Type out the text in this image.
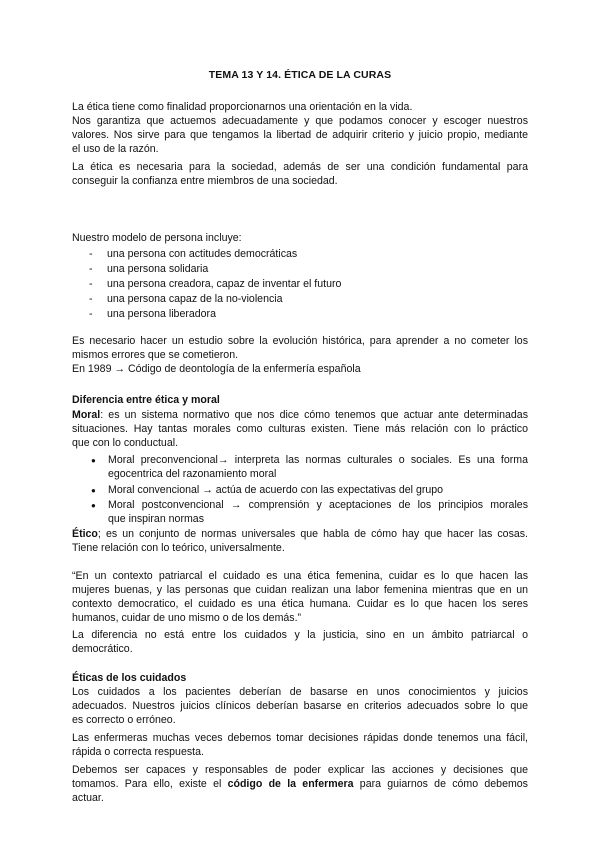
TEMA 13 Y 14. ÉTICA DE LA CURAS
La ética tiene como finalidad proporcionarnos una orientación en la vida.
Nos garantiza que actuemos adecuadamente y que podamos conocer y escoger nuestros
valores. Nos sirve para que tengamos la libertad de adquirir criterio y juicio propio, mediante
el uso de la razón.
La ética es necesaria para la sociedad, además de ser una condición fundamental para
conseguir la confianza entre miembros de una sociedad.
Nuestro modelo de persona incluye:
- una persona con actitudes democráticas
- una persona solidaria
- una persona creadora, capaz de inventar el futuro
- una persona capaz de la no-violencia
- una persona liberadora
Es necesario hacer un estudio sobre la evolución histórica, para aprender a no cometer los
mismos errores que se cometieron.
En 1989 → Código de deontología de la enfermería española
Diferencia entre ética y moral
Moral: es un sistema normativo que nos dice cómo tenemos que actuar ante determinadas
situaciones. Hay tantas morales como culturas existen. Tiene más relación con lo práctico
que con lo conductual.
● Moral preconvencional→ interpreta las normas culturales o sociales. Es una forma
egocentrica del razonamiento moral
● Moral convencional → actúa de acuerdo con las expectativas del grupo
● Moral postconvencional → comprensión y aceptaciones de los principios morales
que inspiran normas
Ético; es un conjunto de normas universales que habla de cómo hay que hacer las cosas.
Tiene relación con lo teórico, universalmente.
“En un contexto patriarcal el cuidado es una ética femenina, cuidar es lo que hacen las
mujeres buenas, y las personas que cuidan realizan una labor femenina mientras que en un
contexto democratico, el cuidado es una ética humana. Cuidar es lo que hacen los seres
humanos, cuidar de uno mismo o de los demás.”
La diferencia no está entre los cuidados y la justicia, sino en un ámbito patriarcal o
democrático.
Éticas de los cuidados
Los cuidados a los pacientes deberían de basarse en unos conocimientos y juicios
adecuados. Nuestros juicios clínicos deberían basarse en criterios adecuados sobre lo que
es correcto o erróneo.
Las enfermeras muchas veces debemos tomar decisiones rápidas donde tenemos una fácil,
rápida o correcta respuesta.
Debemos ser capaces y responsables de poder explicar las acciones y decisiones que
tomamos. Para ello, existe el código de la enfermera para guiarnos de cómo debemos
actuar.
